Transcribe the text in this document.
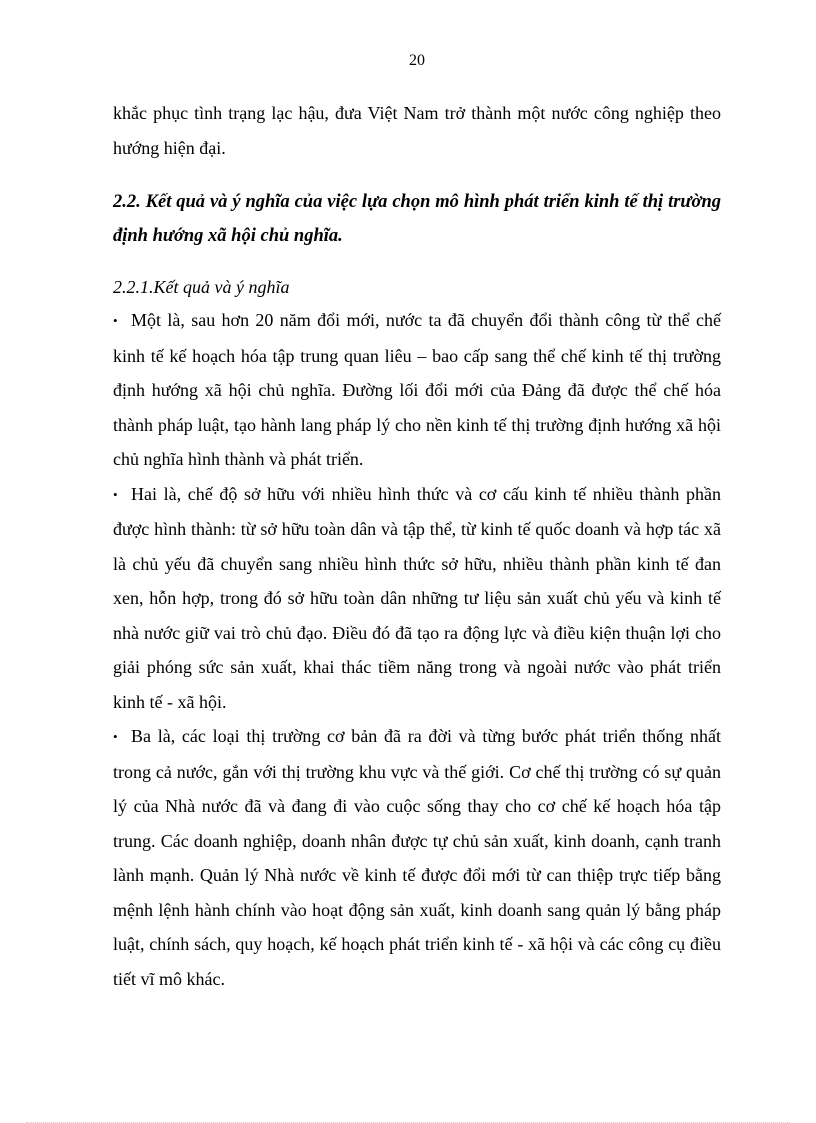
20

khắc phục tình trạng lạc hậu, đưa Việt Nam trở thành một nước công nghiệp theo hướng hiện đại.

2.2. Kết quả và ý nghĩa của việc lựa chọn mô hình phát triển kinh tế thị trường định hướng xã hội chủ nghĩa.

2.2.1.Kết quả và ý nghĩa

• Một là, sau hơn 20 năm đổi mới, nước ta đã chuyển đổi thành công từ thể chế kinh tế kế hoạch hóa tập trung quan liêu – bao cấp sang thể chế kinh tế thị trường định hướng xã hội chủ nghĩa. Đường lối đổi mới của Đảng đã được thể chế hóa thành pháp luật, tạo hành lang pháp lý cho nền kinh tế thị trường định hướng xã hội chủ nghĩa hình thành và phát triển.

• Hai là, chế độ sở hữu với nhiều hình thức và cơ cấu kinh tế nhiều thành phần được hình thành: từ sở hữu toàn dân và tập thể, từ kinh tế quốc doanh và hợp tác xã là chủ yếu đã chuyển sang nhiều hình thức sở hữu, nhiều thành phần kinh tế đan xen, hỗn hợp, trong đó sở hữu toàn dân những tư liệu sản xuất chủ yếu và kinh tế nhà nước giữ vai trò chủ đạo. Điều đó đã tạo ra động lực và điều kiện thuận lợi cho giải phóng sức sản xuất, khai thác tiềm năng trong và ngoài nước vào phát triển kinh tế - xã hội.

• Ba là, các loại thị trường cơ bản đã ra đời và từng bước phát triển thống nhất trong cả nước, gắn với thị trường khu vực và thế giới. Cơ chế thị trường có sự quản lý của Nhà nước đã và đang đi vào cuộc sống thay cho cơ chế kế hoạch hóa tập trung. Các doanh nghiệp, doanh nhân được tự chủ sản xuất, kinh doanh, cạnh tranh lành mạnh. Quản lý Nhà nước về kinh tế được đổi mới từ can thiệp trực tiếp bằng mệnh lệnh hành chính vào hoạt động sản xuất, kinh doanh sang quản lý bằng pháp luật, chính sách, quy hoạch, kế hoạch phát triển kinh tế - xã hội và các công cụ điều tiết vĩ mô khác.
